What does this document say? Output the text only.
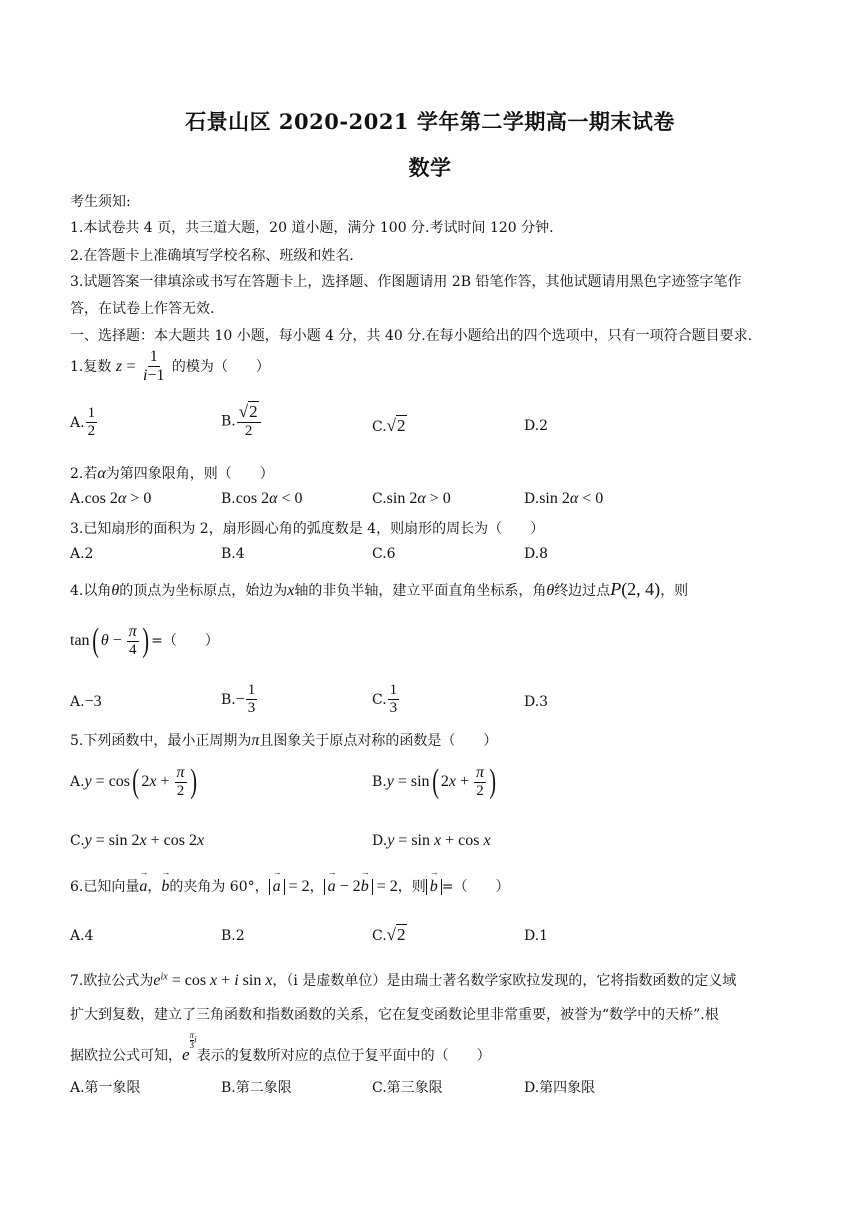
石景山区 2020-2021 学年第二学期高一期末试卷
数学
考生须知:
1.本试卷共 4 页，共三道大题，20 道小题，满分 100 分.考试时间 120 分钟.
2.在答题卡上准确填写学校名称、班级和姓名.
3.试题答案一律填涂或书写在答题卡上，选择题、作图题请用 2B 铅笔作答，其他试题请用黑色字迹签字笔作
答，在试卷上作答无效.
一、选择题：本大题共 10 小题，每小题 4 分，共 40 分.在每小题给出的四个选项中，只有一项符合题目要求.
1.复数 $z = \frac{1}{i-1}$ 的模为（　　）
A. $\frac{1}{2}$	B. $\frac{√2}{2}$	C.√2	D.2
2.若α为第四象限角，则（　　）
A.cos 2α > 0	B.cos 2α < 0	C.sin 2α > 0	D.sin 2α < 0
3.已知扇形的面积为 2，扇形圆心角的弧度数是 4，则扇形的周长为（　　）
A.2	B.4	C.6	D.8
4.以角θ的顶点为坐标原点，始边为x轴的非负半轴，建立平面直角坐标系，角θ终边过点P(2, 4)，则
tan( $\theta - \frac{\pi}{4}$ ) =（　　）
A.−3	$B.- \frac{1}{3}$	C. $\frac{1}{3}$	D.3
5.下列函数中，最小正周期为π且图象关于原点对称的函数是（　　）
A.y = cos( $2x + \frac{\pi}{2}$ )	B.y = sin( $2x + \frac{\pi}{2}$ )
C.y = sin 2x + cos 2x	D.y = sin x + cos x
6.已知向量→ a，→ b的夹角为 60°， → a = 2， → a − 2→ b = 2，则 → b =（　　）
A.4	B.2	C.√2	D.1
7.欧拉公式为$e^{ix} = \cos x + i$ sin x，（i 是虚数单位）是由瑞士著名数学家欧拉发现的，它将指数函数的定义域
扩大到复数，建立了三角函数和指数函数的关系，它在复变函数论里非常重要，被誉为“数学中的天桥”.根
据欧拉公式可知，e
$\frac{\pi}{3}$ i表示的复数所对应的点位于复平面中的（　　）
A.第一象限	B.第二象限	C.第三象限	D.第四象限
